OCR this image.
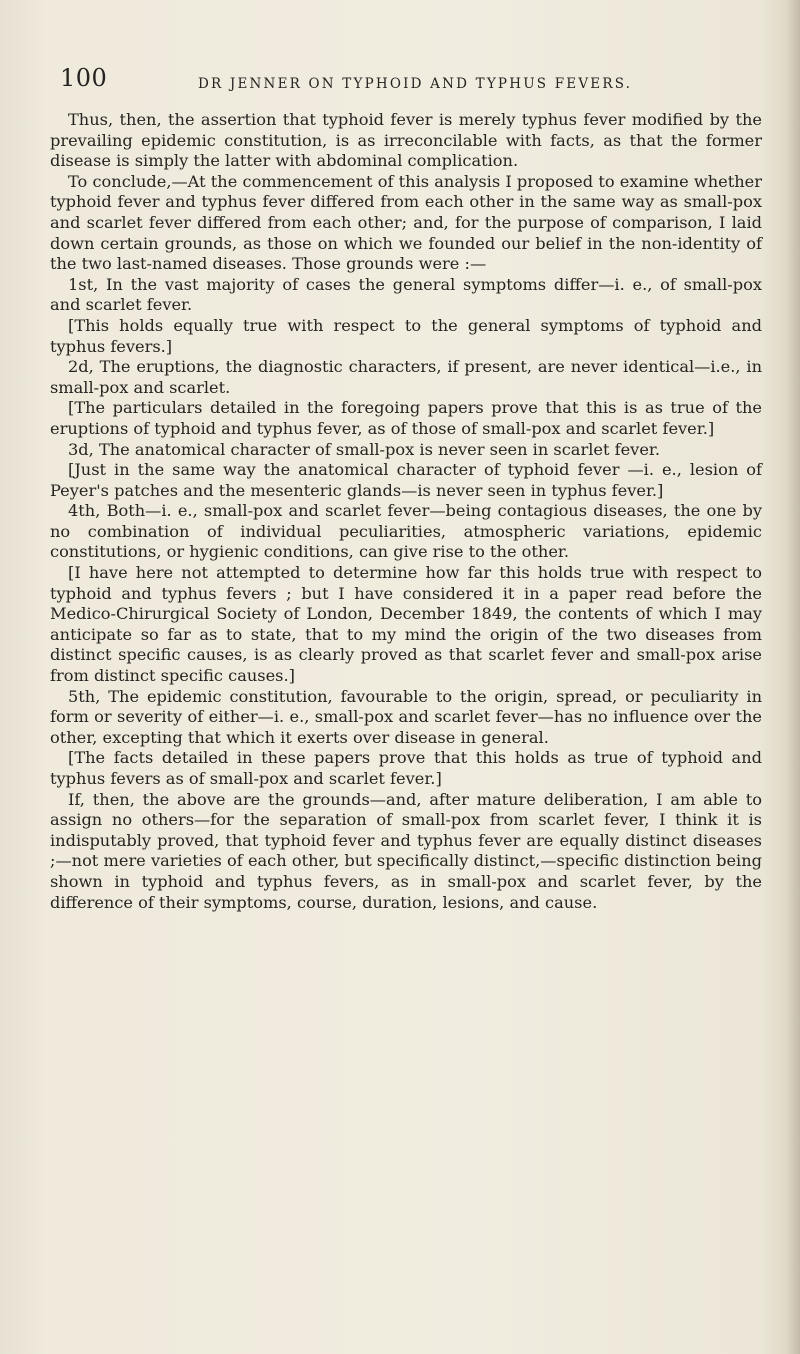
100	DR JENNER ON TYPHOID AND TYPHUS FEVERS.

Thus, then, the assertion that typhoid fever is merely typhus fever modified by the prevailing epidemic constitution, is as irreconcilable with facts, as that the former disease is simply the latter with abdominal complication.

To conclude,—At the commencement of this analysis I proposed to examine whether typhoid fever and typhus fever differed from each other in the same way as small-pox and scarlet fever differed from each other; and, for the purpose of comparison, I laid down certain grounds, as those on which we founded our belief in the non-identity of the two last-named diseases. Those grounds were :—

1st, In the vast majority of cases the general symptoms differ—i. e., of small-pox and scarlet fever.

[This holds equally true with respect to the general symptoms of typhoid and typhus fevers.]

2d, The eruptions, the diagnostic characters, if present, are never identical—i.e., in small-pox and scarlet.

[The particulars detailed in the foregoing papers prove that this is as true of the eruptions of typhoid and typhus fever, as of those of small-pox and scarlet fever.]

3d, The anatomical character of small-pox is never seen in scarlet fever.

[Just in the same way the anatomical character of typhoid fever —i. e., lesion of Peyer's patches and the mesenteric glands—is never seen in typhus fever.]

4th, Both—i. e., small-pox and scarlet fever—being contagious diseases, the one by no combination of individual peculiarities, atmospheric variations, epidemic constitutions, or hygienic conditions, can give rise to the other.

[I have here not attempted to determine how far this holds true with respect to typhoid and typhus fevers ; but I have considered it in a paper read before the Medico-Chirurgical Society of London, December 1849, the contents of which I may anticipate so far as to state, that to my mind the origin of the two diseases from distinct specific causes, is as clearly proved as that scarlet fever and small-pox arise from distinct specific causes.]

5th, The epidemic constitution, favourable to the origin, spread, or peculiarity in form or severity of either—i. e., small-pox and scarlet fever—has no influence over the other, excepting that which it exerts over disease in general.

[The facts detailed in these papers prove that this holds as true of typhoid and typhus fevers as of small-pox and scarlet fever.]

If, then, the above are the grounds—and, after mature deliberation, I am able to assign no others—for the separation of small-pox from scarlet fever, I think it is indisputably proved, that typhoid fever and typhus fever are equally distinct diseases ;—not mere varieties of each other, but specifically distinct,—specific distinction being shown in typhoid and typhus fevers, as in small-pox and scarlet fever, by the difference of their symptoms, course, duration, lesions, and cause.
